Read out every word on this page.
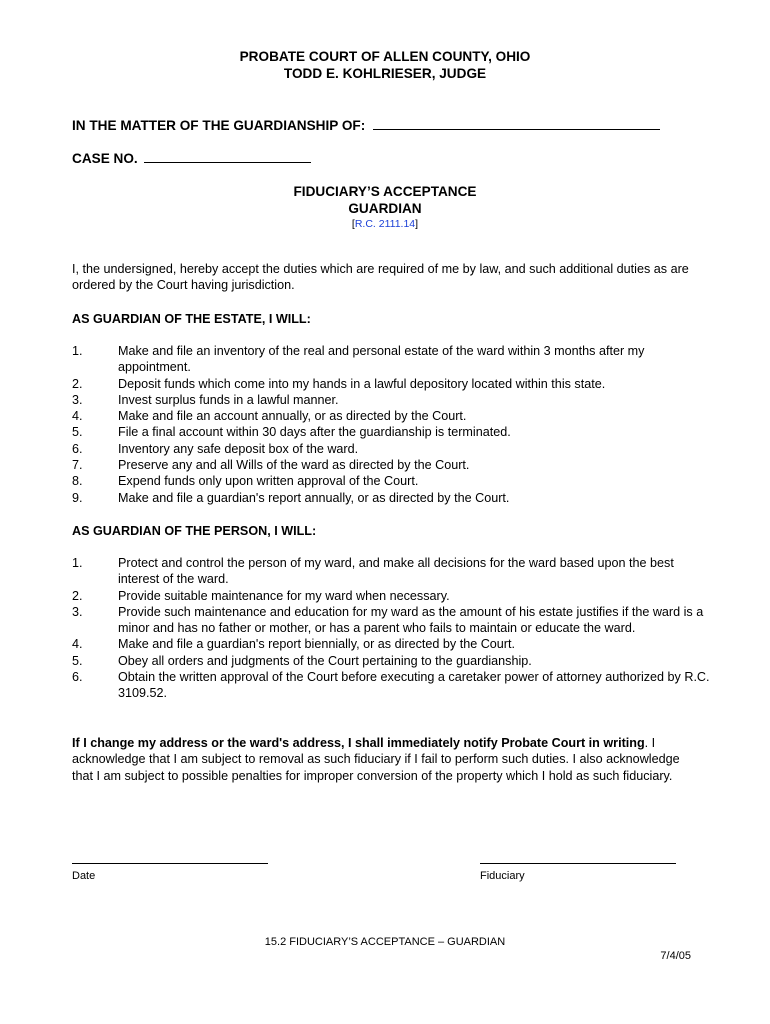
PROBATE COURT OF ALLEN COUNTY, OHIO
TODD E. KOHLRIESER, JUDGE
IN THE MATTER OF THE GUARDIANSHIP OF:
CASE NO.
FIDUCIARY’S ACCEPTANCE
GUARDIAN
[R.C. 2111.14]
I, the undersigned, hereby accept the duties which are required of me by law, and such additional duties as are ordered by the Court having jurisdiction.
AS GUARDIAN OF THE ESTATE, I WILL:
1.	Make and file an inventory of the real and personal estate of the ward within 3 months after my appointment.
2.	Deposit funds which come into my hands in a lawful depository located within this state.
3.	Invest surplus funds in a lawful manner.
4.	Make and file an account annually, or as directed by the Court.
5.	File a final account within 30 days after the guardianship is terminated.
6.	Inventory any safe deposit box of the ward.
7.	Preserve any and all Wills of the ward as directed by the Court.
8.	Expend funds only upon written approval of the Court.
9.	Make and file a guardian's report annually, or as directed by the Court.
AS GUARDIAN OF THE PERSON, I WILL:
1.	Protect and control the person of my ward, and make all decisions for the ward based upon the best interest of the ward.
2.	Provide suitable maintenance for my ward when necessary.
3.	Provide such maintenance and education for my ward as the amount of his estate justifies if the ward is a minor and has no father or mother, or has a parent who fails to maintain or educate the ward.
4.	Make and file a guardian's report biennially, or as directed by the Court.
5.	Obey all orders and judgments of the Court pertaining to the guardianship.
6.	Obtain the written approval of the Court before executing a caretaker power of attorney authorized by R.C. 3109.52.
If I change my address or the ward's address, I shall immediately notify Probate Court in writing. I acknowledge that I am subject to removal as such fiduciary if I fail to perform such duties. I also acknowledge that I am subject to possible penalties for improper conversion of the property which I hold as such fiduciary.
Date	Fiduciary
15.2 FIDUCIARY’S ACCEPTANCE – GUARDIAN
7/4/05
